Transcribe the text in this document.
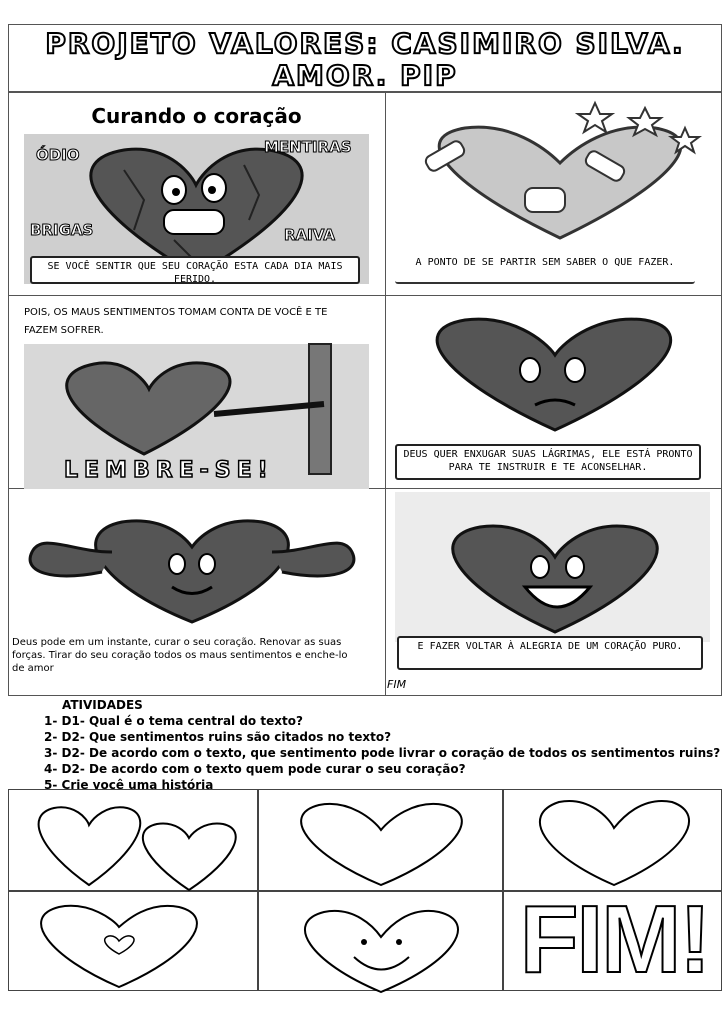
PROJETO VALORES: CASIMIRO SILVA.
AMOR. PIP
Curando o coração
ÓDIO	MENTIRAS
BRIGAS	RAIVA
SE VOCÊ SENTIR QUE SEU CORAÇÃO ESTA CADA DIA MAIS FERIDO.
A PONTO DE SE PARTIR SEM SABER O QUE FAZER.
POIS, OS MAUS SENTIMENTOS TOMAM CONTA DE VOCÊ E TE FAZEM SOFRER.
LEMBRE-SE!
DEUS QUER ENXUGAR SUAS LÁGRIMAS, ELE ESTÁ PRONTO PARA TE INSTRUIR E TE ACONSELHAR.
Deus pode em um instante, curar o seu coração. Renovar as suas forças. Tirar do seu coração todos os maus sentimentos e enche-lo de amor
E FAZER VOLTAR À ALEGRIA DE UM CORAÇÃO PURO.
FIM
ATIVIDADES
1- D1- Qual é o tema central do texto?
2- D2- Que sentimentos ruins são citados no texto?
3- D2- De acordo com o texto, que sentimento pode livrar o coração de todos os sentimentos ruins?
4- D2- De acordo com o texto quem pode curar o seu coração?
5- Crie você uma história
FIM!
